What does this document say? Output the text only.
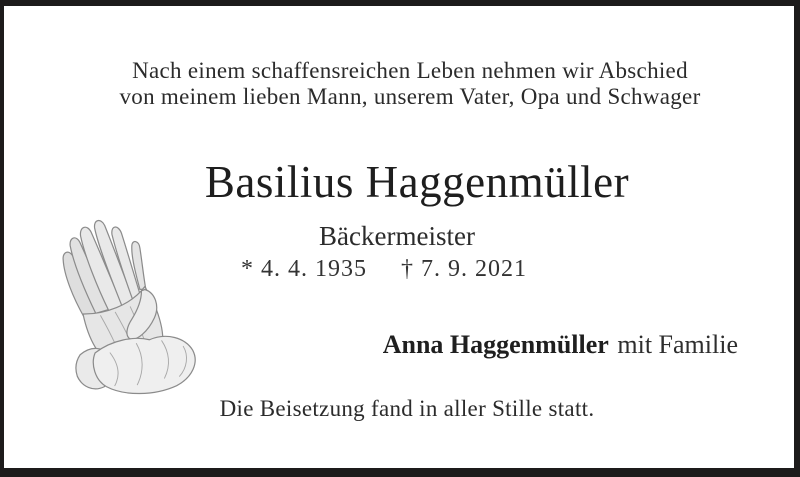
Nach einem schaffensreichen Leben nehmen wir Abschied
von meinem lieben Mann, unserem Vater, Opa und Schwager
Basilius Haggenmüller
Bäckermeister
* 4. 4. 1935 † 7. 9. 2021
Anna Haggenmüller mit Familie
Die Beisetzung fand in aller Stille statt.
